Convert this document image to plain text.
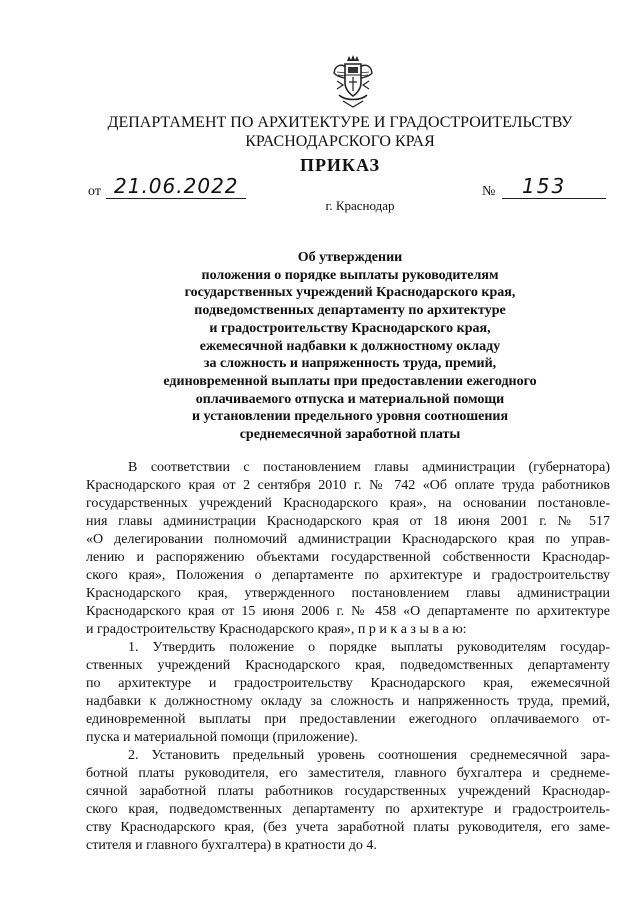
ДЕПАРТАМЕНТ ПО АРХИТЕКТУРЕ И ГРАДОСТРОИТЕЛЬСТВУ
КРАСНОДАРСКОГО КРАЯ
ПРИКАЗ
от 21.06.2022	№ 153
г. Краснодар
Об утверждении
положения о порядке выплаты руководителям
государственных учреждений Краснодарского края,
подведомственных департаменту по архитектуре
и градостроительству Краснодарского края,
ежемесячной надбавки к должностному окладу
за сложность и напряженность труда, премий,
единовременной выплаты при предоставлении ежегодного
оплачиваемого отпуска и материальной помощи
и установлении предельного уровня соотношения
среднемесячной заработной платы
В соответствии с постановлением главы администрации (губернатора)
Краснодарского края от 2 сентября 2010 г. № 742 «Об оплате труда работников
государственных учреждений Краснодарского края», на основании постановле-
ния главы администрации Краснодарского края от 18 июня 2001 г. № 517
«О делегировании полномочий администрации Краснодарского края по управ-
лению и распоряжению объектами государственной собственности Краснодар-
ского края», Положения о департаменте по архитектуре и градостроительству
Краснодарского края, утвержденного постановлением главы администрации
Краснодарского края от 15 июня 2006 г. № 458 «О департаменте по архитектуре
и градостроительству Краснодарского края», п р и к а з ы в а ю:
1. Утвердить положение о порядке выплаты руководителям государ-
ственных учреждений Краснодарского края, подведомственных департаменту
по архитектуре и градостроительству Краснодарского края, ежемесячной
надбавки к должностному окладу за сложность и напряженность труда, премий,
единовременной выплаты при предоставлении ежегодного оплачиваемого от-
пуска и материальной помощи (приложение).
2. Установить предельный уровень соотношения среднемесячной зара-
ботной платы руководителя, его заместителя, главного бухгалтера и среднеме-
сячной заработной платы работников государственных учреждений Краснодар-
ского края, подведомственных департаменту по архитектуре и градостроитель-
ству Краснодарского края, (без учета заработной платы руководителя, его заме-
стителя и главного бухгалтера) в кратности до 4.
